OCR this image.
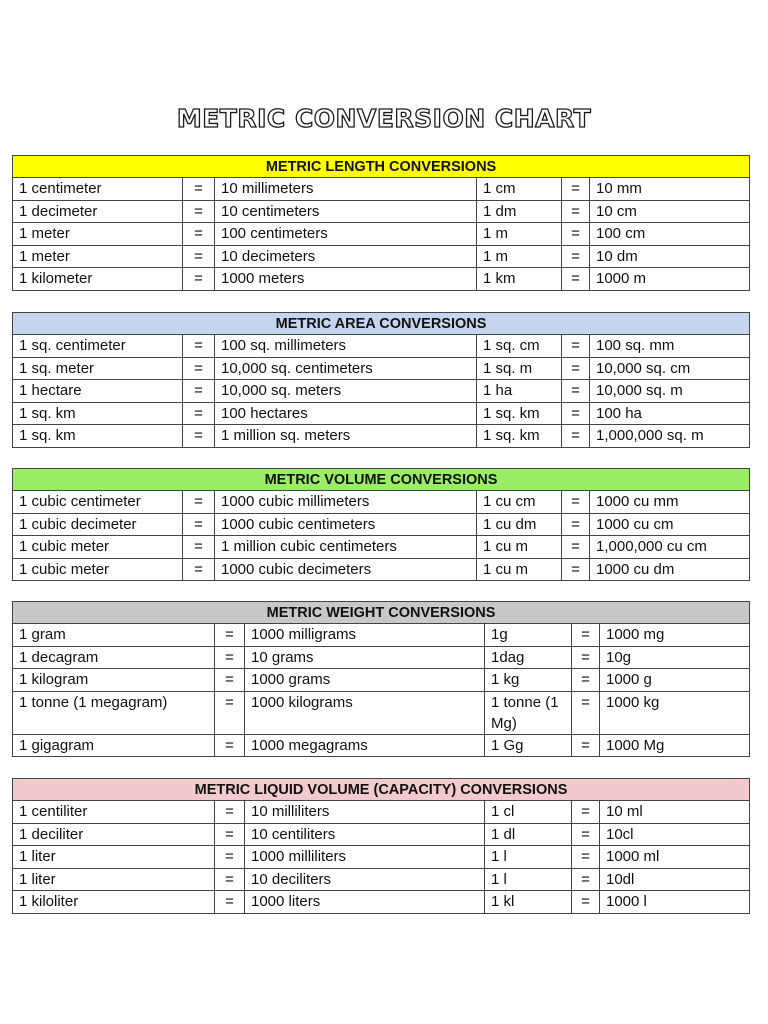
METRIC CONVERSION CHART
METRIC LENGTH CONVERSIONS					
1 centimeter	=	10 millimeters	1 cm	=	10 mm
1 decimeter	=	10 centimeters	1 dm	=	10 cm
1 meter	=	100 centimeters	1 m	=	100 cm
1 meter	=	10 decimeters	1 m	=	10 dm
1 kilometer	=	1000 meters	1 km	=	1000 m
METRIC AREA CONVERSIONS					
1 sq. centimeter	=	100 sq. millimeters	1 sq. cm	=	100 sq. mm
1 sq. meter	=	10,000 sq. centimeters	1 sq. m	=	10,000 sq. cm
1 hectare	=	10,000 sq. meters	1 ha	=	10,000 sq. m
1 sq. km	=	100 hectares	1 sq. km	=	100 ha
1 sq. km	=	1 million sq. meters	1 sq. km	=	1,000,000 sq. m
METRIC VOLUME CONVERSIONS					
1 cubic centimeter	=	1000 cubic millimeters	1 cu cm	=	1000 cu mm
1 cubic decimeter	=	1000 cubic centimeters	1 cu dm	=	1000 cu cm
1 cubic meter	=	1 million cubic centimeters	1 cu m	=	1,000,000 cu cm
1 cubic meter	=	1000 cubic decimeters	1 cu m	=	1000 cu dm
METRIC WEIGHT CONVERSIONS					
1 gram	=	1000 milligrams	1g	=	1000 mg
1 decagram	=	10 grams	1dag	=	10g
1 kilogram	=	1000 grams	1 kg	=	1000 g
1 tonne (1 megagram)	=	1000 kilograms	1 tonne (1 Mg)	=	1000 kg
1 gigagram	=	1000 megagrams	1 Gg	=	1000 Mg
METRIC LIQUID VOLUME (CAPACITY) CONVERSIONS					
1 centiliter	=	10 milliliters	1 cl	=	10 ml
1 deciliter	=	10 centiliters	1 dl	=	10cl
1 liter	=	1000 milliliters	1 l	=	1000 ml
1 liter	=	10 deciliters	1 l	=	10dl
1 kiloliter	=	1000 liters	1 kl	=	1000 l
